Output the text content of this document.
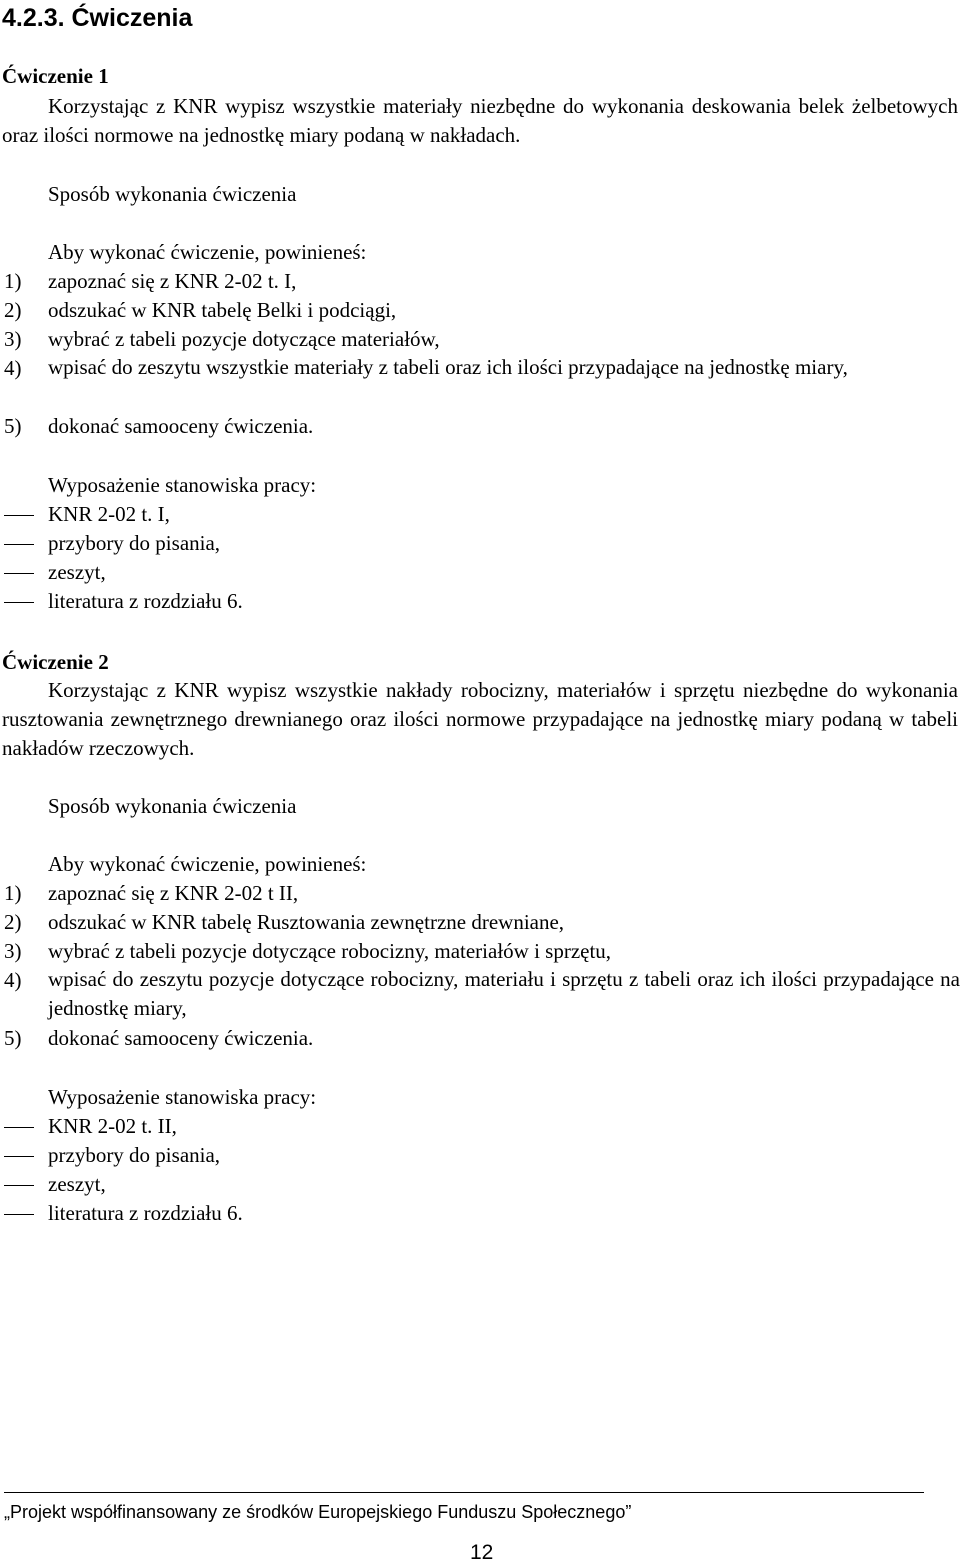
4.2.3. Ćwiczenia
Ćwiczenie 1
Korzystając z KNR wypisz wszystkie materiały niezbędne do wykonania deskowania belek żelbetowych oraz ilości normowe na jednostkę miary podaną w nakładach.
Sposób wykonania ćwiczenia
Aby wykonać ćwiczenie, powinieneś:
1) zapoznać się z KNR 2-02 t. I,
2) odszukać w KNR tabelę Belki i podciągi,
3) wybrać z tabeli pozycje dotyczące materiałów,
4) wpisać do zeszytu wszystkie materiały z tabeli oraz ich ilości przypadające na jednostkę miary,
5) dokonać samooceny ćwiczenia.
Wyposażenie stanowiska pracy:
KNR 2-02 t. I,
przybory do pisania,
zeszyt,
literatura z rozdziału 6.
Ćwiczenie 2
Korzystając z KNR wypisz wszystkie nakłady robocizny, materiałów i sprzętu niezbędne do wykonania rusztowania zewnętrznego drewnianego oraz ilości normowe przypadające na jednostkę miary podaną w tabeli nakładów rzeczowych.
Sposób wykonania ćwiczenia
Aby wykonać ćwiczenie, powinieneś:
1) zapoznać się z KNR 2-02 t II,
2) odszukać w KNR tabelę Rusztowania zewnętrzne drewniane,
3) wybrać z tabeli pozycje dotyczące robocizny, materiałów i sprzętu,
4) wpisać do zeszytu pozycje dotyczące robocizny, materiału i sprzętu z tabeli oraz ich ilości przypadające na jednostkę miary,
5) dokonać samooceny ćwiczenia.
Wyposażenie stanowiska pracy:
KNR 2-02 t. II,
przybory do pisania,
zeszyt,
literatura z rozdziału 6.
„Projekt współfinansowany ze środków Europejskiego Funduszu Społecznego”
12
